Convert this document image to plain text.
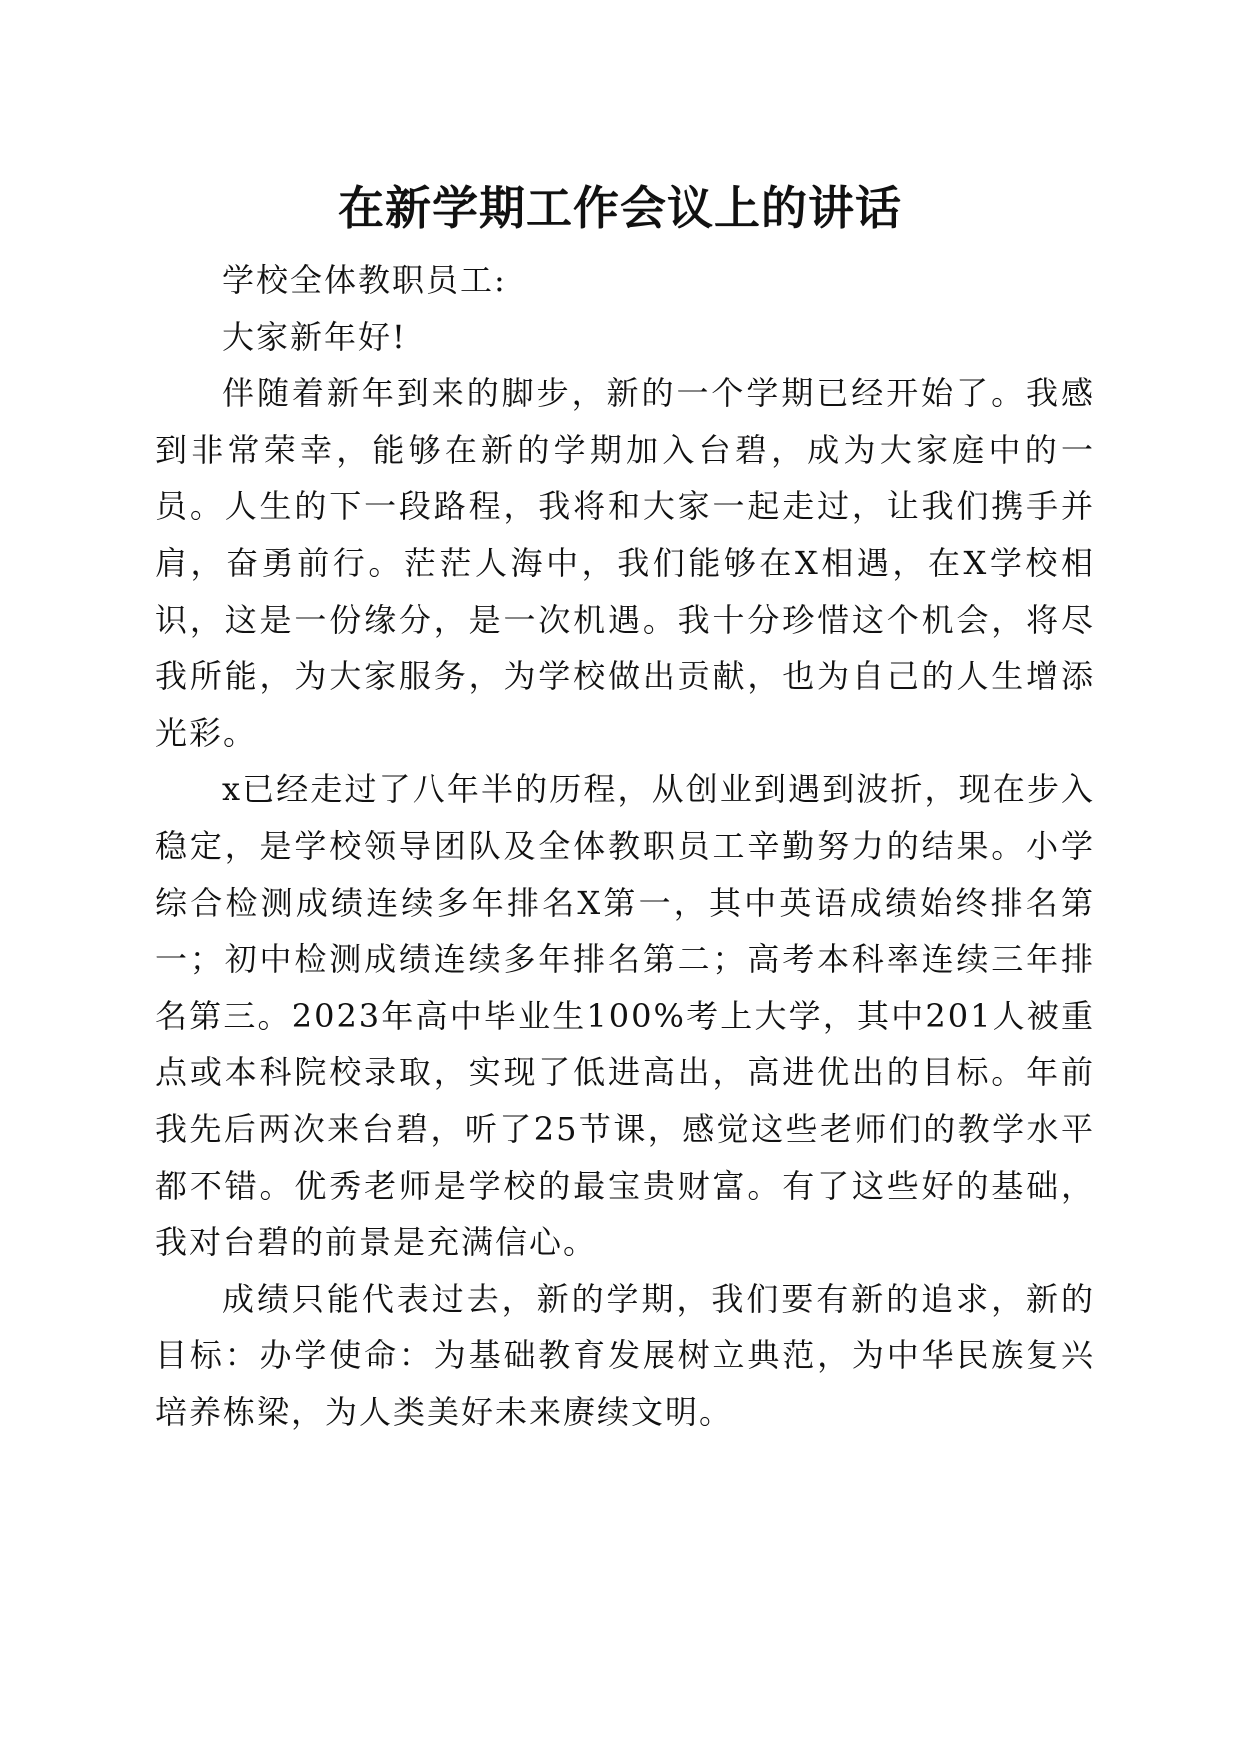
在新学期工作会议上的讲话

学校全体教职员工:

大家新年好!

伴随着新年到来的脚步，新的一个学期已经开始了。我感到非常荣幸，能够在新的学期加入台碧，成为大家庭中的一员。人生的下一段路程，我将和大家一起走过，让我们携手并肩，奋勇前行。茫茫人海中，我们能够在X相遇，在X学校相识，这是一份缘分，是一次机遇。我十分珍惜这个机会，将尽我所能，为大家服务，为学校做出贡献，也为自己的人生增添光彩。

x已经走过了八年半的历程，从创业到遇到波折，现在步入稳定，是学校领导团队及全体教职员工辛勤努力的结果。小学综合检测成绩连续多年排名X第一，其中英语成绩始终排名第一；初中检测成绩连续多年排名第二；高考本科率连续三年排名第三。2023年高中毕业生100%考上大学，其中201人被重点或本科院校录取，实现了低进高出，高进优出的目标。年前我先后两次来台碧，听了25节课，感觉这些老师们的教学水平都不错。优秀老师是学校的最宝贵财富。有了这些好的基础，我对台碧的前景是充满信心。

成绩只能代表过去，新的学期，我们要有新的追求，新的目标：办学使命：为基础教育发展树立典范，为中华民族复兴培养栋梁，为人类美好未来赓续文明。
